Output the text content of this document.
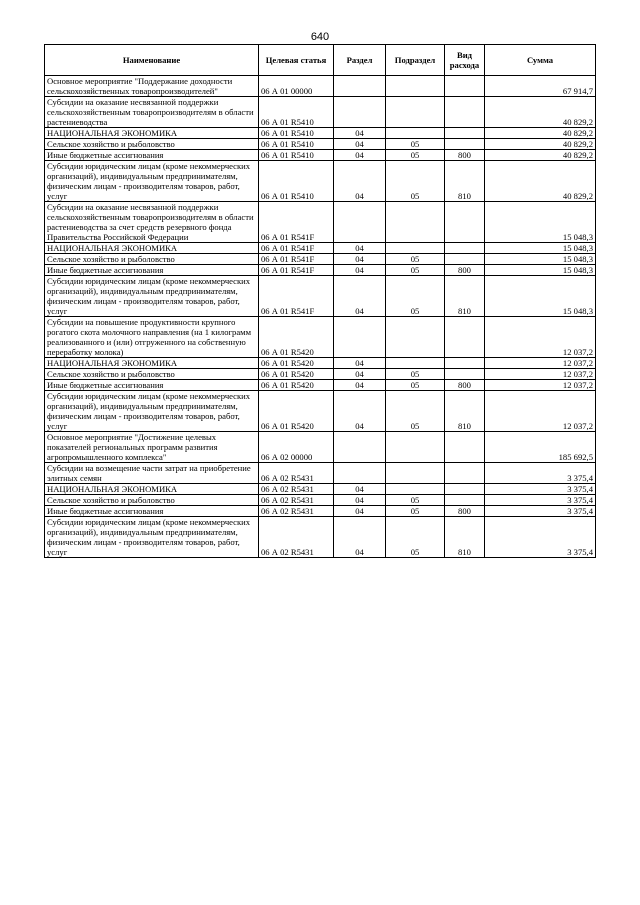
640
Наименование	Целевая статья	Раздел	Подраздел	Вид расхода	Сумма
Основное мероприятие "Поддержание доходности сельскохозяйственных товаропроизводителей"	06 А 01 00000				67 914,7
Субсидии на оказание несвязанной поддержки сельскохозяйственным товаропроизводителям в области растениеводства	06 А 01 R5410				40 829,2
НАЦИОНАЛЬНАЯ ЭКОНОМИКА	06 А 01 R5410	04			40 829,2
Сельское хозяйство и рыболовство	06 А 01 R5410	04	05		40 829,2
Иные бюджетные ассигнования	06 А 01 R5410	04	05	800	40 829,2
Субсидии юридическим лицам (кроме некоммерческих организаций), индивидуальным предпринимателям, физическим лицам - производителям товаров, работ, услуг	06 А 01 R5410	04	05	810	40 829,2
Субсидии на оказание несвязанной поддержки сельскохозяйственным товаропроизводителям в области растениеводства за счет средств резервного фонда Правительства Российской Федерации	06 А 01 R541F				15 048,3
НАЦИОНАЛЬНАЯ ЭКОНОМИКА	06 А 01 R541F	04			15 048,3
Сельское хозяйство и рыболовство	06 А 01 R541F	04	05		15 048,3
Иные бюджетные ассигнования	06 А 01 R541F	04	05	800	15 048,3
Субсидии юридическим лицам (кроме некоммерческих организаций), индивидуальным предпринимателям, физическим лицам - производителям товаров, работ, услуг	06 А 01 R541F	04	05	810	15 048,3
Субсидии на повышение продуктивности крупного рогатого скота молочного направления (на 1 килограмм реализованного и (или) отгруженного на собственную переработку молока)	06 А 01 R5420				12 037,2
НАЦИОНАЛЬНАЯ ЭКОНОМИКА	06 А 01 R5420	04			12 037,2
Сельское хозяйство и рыболовство	06 А 01 R5420	04	05		12 037,2
Иные бюджетные ассигнования	06 А 01 R5420	04	05	800	12 037,2
Субсидии юридическим лицам (кроме некоммерческих организаций), индивидуальным предпринимателям, физическим лицам - производителям товаров, работ, услуг	06 А 01 R5420	04	05	810	12 037,2
Основное мероприятие "Достижение целевых показателей региональных программ развития агропромышленного комплекса"	06 А 02 00000				185 692,5
Субсидии на возмещение части затрат на приобретение элитных семян	06 А 02 R5431				3 375,4
НАЦИОНАЛЬНАЯ ЭКОНОМИКА	06 А 02 R5431	04			3 375,4
Сельское хозяйство и рыболовство	06 А 02 R5431	04	05		3 375,4
Иные бюджетные ассигнования	06 А 02 R5431	04	05	800	3 375,4
Субсидии юридическим лицам (кроме некоммерческих организаций), индивидуальным предпринимателям, физическим лицам - производителям товаров, работ, услуг	06 А 02 R5431	04	05	810	3 375,4
